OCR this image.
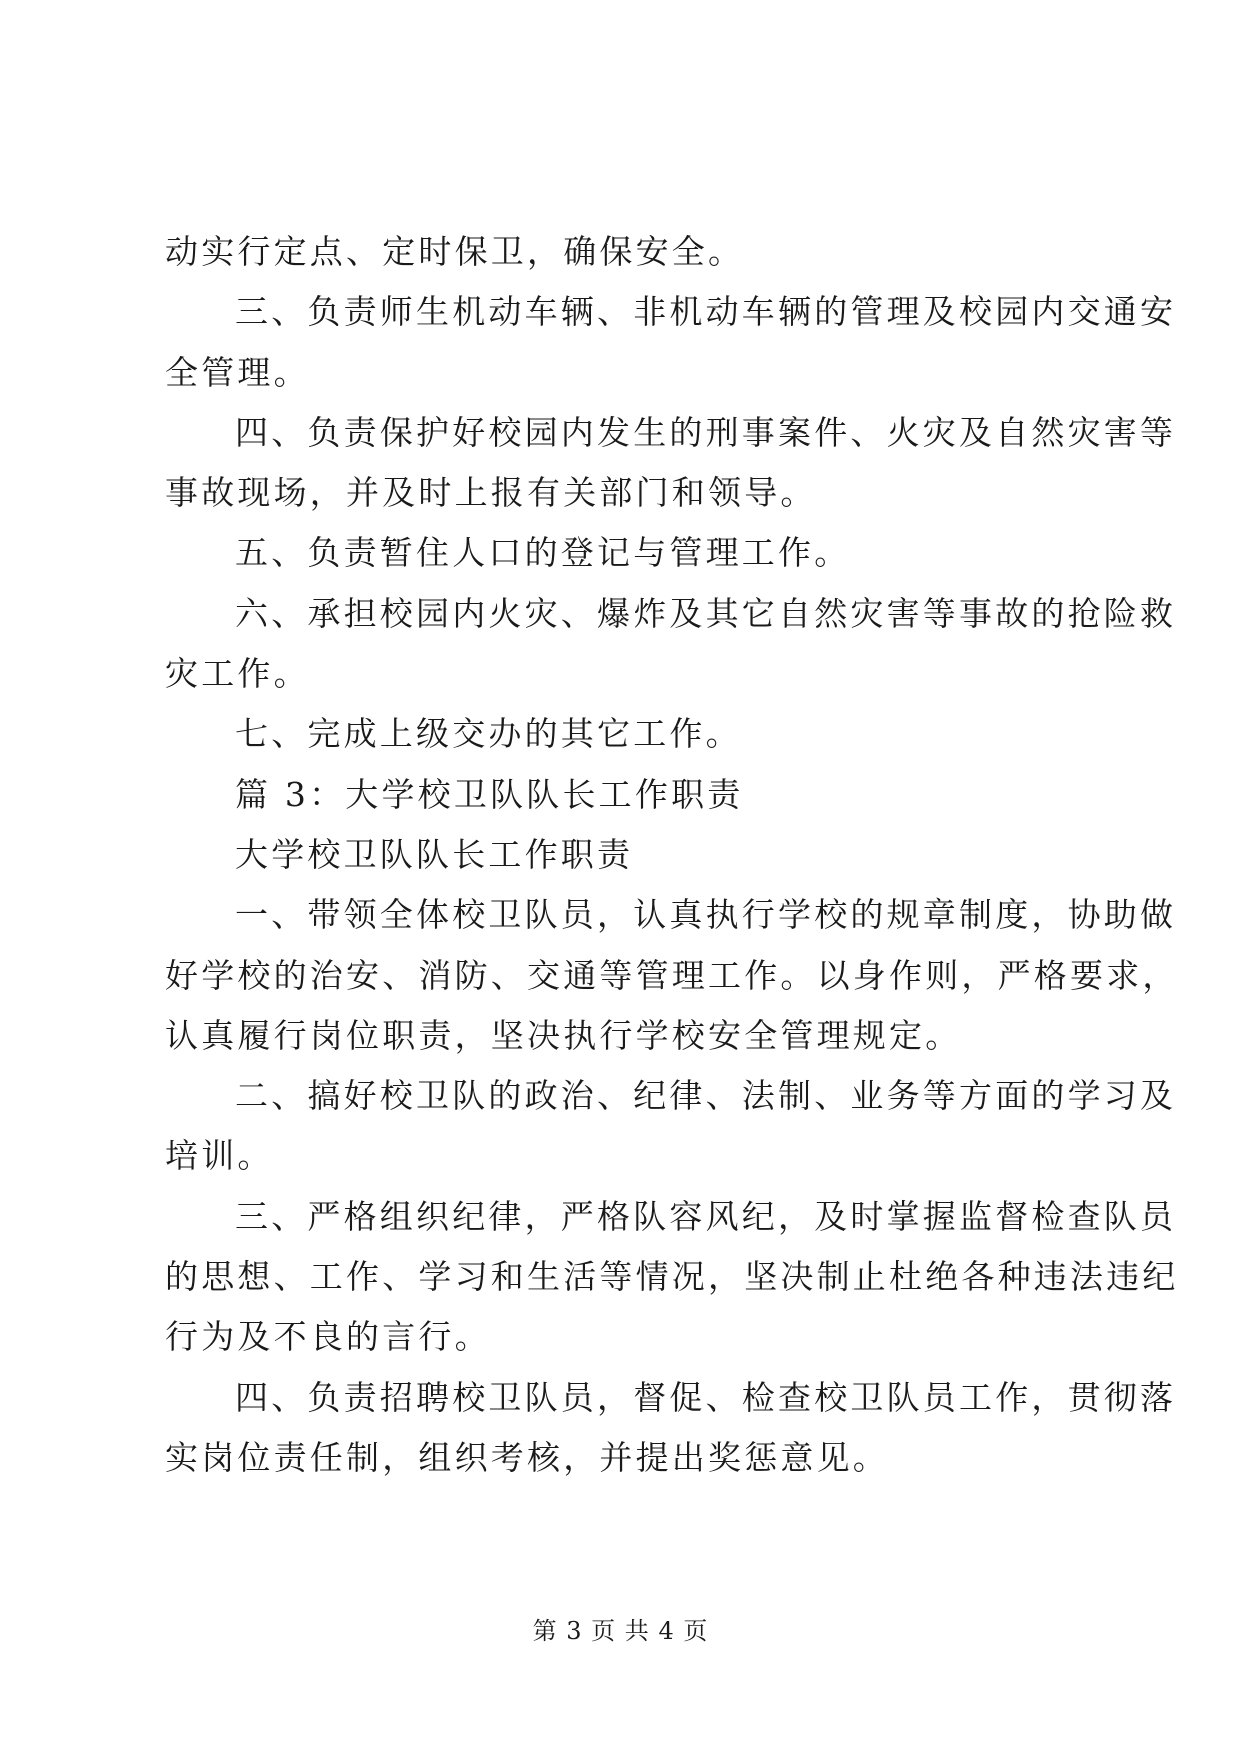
动实行定点、定时保卫，确保安全。
三、负责师生机动车辆、非机动车辆的管理及校园内交通安
全管理。
四、负责保护好校园内发生的刑事案件、火灾及自然灾害等
事故现场，并及时上报有关部门和领导。
五、负责暂住人口的登记与管理工作。
六、承担校园内火灾、爆炸及其它自然灾害等事故的抢险救
灾工作。
七、完成上级交办的其它工作。
篇 3：大学校卫队队长工作职责
大学校卫队队长工作职责
一、带领全体校卫队员，认真执行学校的规章制度，协助做
好学校的治安、消防、交通等管理工作。以身作则，严格要求，
认真履行岗位职责，坚决执行学校安全管理规定。
二、搞好校卫队的政治、纪律、法制、业务等方面的学习及
培训。
三、严格组织纪律，严格队容风纪，及时掌握监督检查队员
的思想、工作、学习和生活等情况，坚决制止杜绝各种违法违纪
行为及不良的言行。
四、负责招聘校卫队员，督促、检查校卫队员工作，贯彻落
实岗位责任制，组织考核，并提出奖惩意见。
第 3 页 共 4 页
